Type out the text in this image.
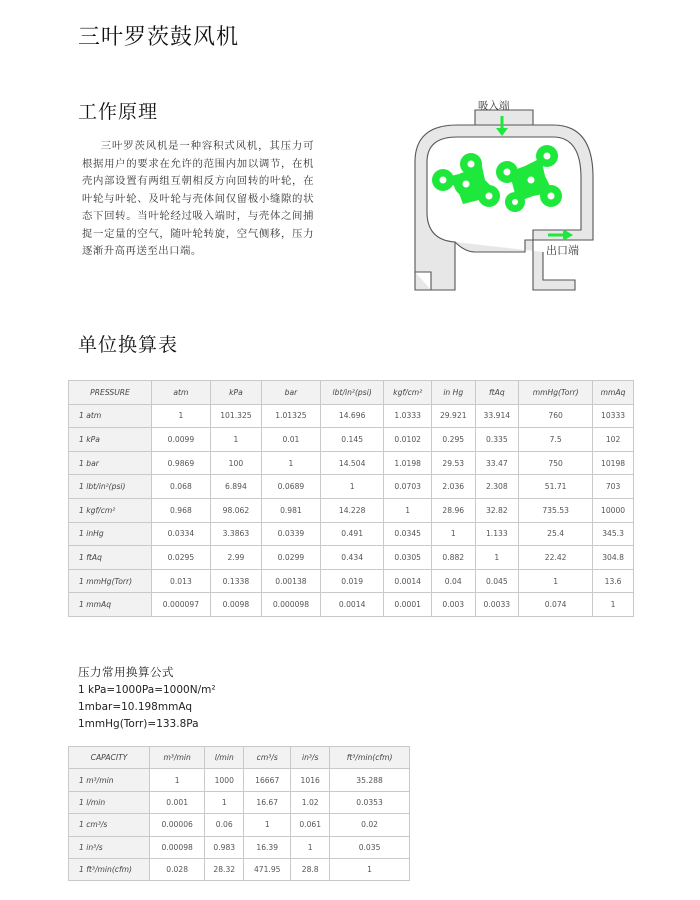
三叶罗茨鼓风机
工作原理
三叶罗茨风机是一种容积式风机，其压力可根据用户的要求在允许的范围内加以调节，在机壳内部设置有两组互朝相反方向回转的叶轮，在叶轮与叶轮、及叶轮与壳体间仅留极小缝隙的状态下回转。当叶轮经过吸入端时，与壳体之间捕捉一定量的空气，随叶轮转旋，空气侧移，压力逐渐升高再送至出口端。
吸入端
出口端
单位换算表
PRESSURE	atm	kPa	bar	lbt/in²(psi)	kgf/cm²	in Hg	ftAq	mmHg(Torr)	mmAq
1 atm	1	101.325	1.01325	14.696	1.0333	29.921	33.914	760	10333
1 kPa	0.0099	1	0.01	0.145	0.0102	0.295	0.335	7.5	102
1 bar	0.9869	100	1	14.504	1.0198	29.53	33.47	750	10198
1 lbt/in²(psi)	0.068	6.894	0.0689	1	0.0703	2.036	2.308	51.71	703
1 kgf/cm²	0.968	98.062	0.981	14.228	1	28.96	32.82	735.53	10000
1 inHg	0.0334	3.3863	0.0339	0.491	0.0345	1	1.133	25.4	345.3
1 ftAq	0.0295	2.99	0.0299	0.434	0.0305	0.882	1	22.42	304.8
1 mmHg(Torr)	0.013	0.1338	0.00138	0.019	0.0014	0.04	0.045	1	13.6
1 mmAq	0.000097	0.0098	0.000098	0.0014	0.0001	0.003	0.0033	0.074	1
压力常用换算公式
1 kPa=1000Pa=1000N/m²
1mbar=10.198mmAq
1mmHg(Torr)=133.8Pa
CAPACITY	m³/min	l/min	cm³/s	in³/s	ft³/min(cfm)
1 m³/min	1	1000	16667	1016	35.288
1 l/min	0.001	1	16.67	1.02	0.0353
1 cm³/s	0.00006	0.06	1	0.061	0.02
1 in³/s	0.00098	0.983	16.39	1	0.035
1 ft³/min(cfm)	0.028	28.32	471.95	28.8	1
